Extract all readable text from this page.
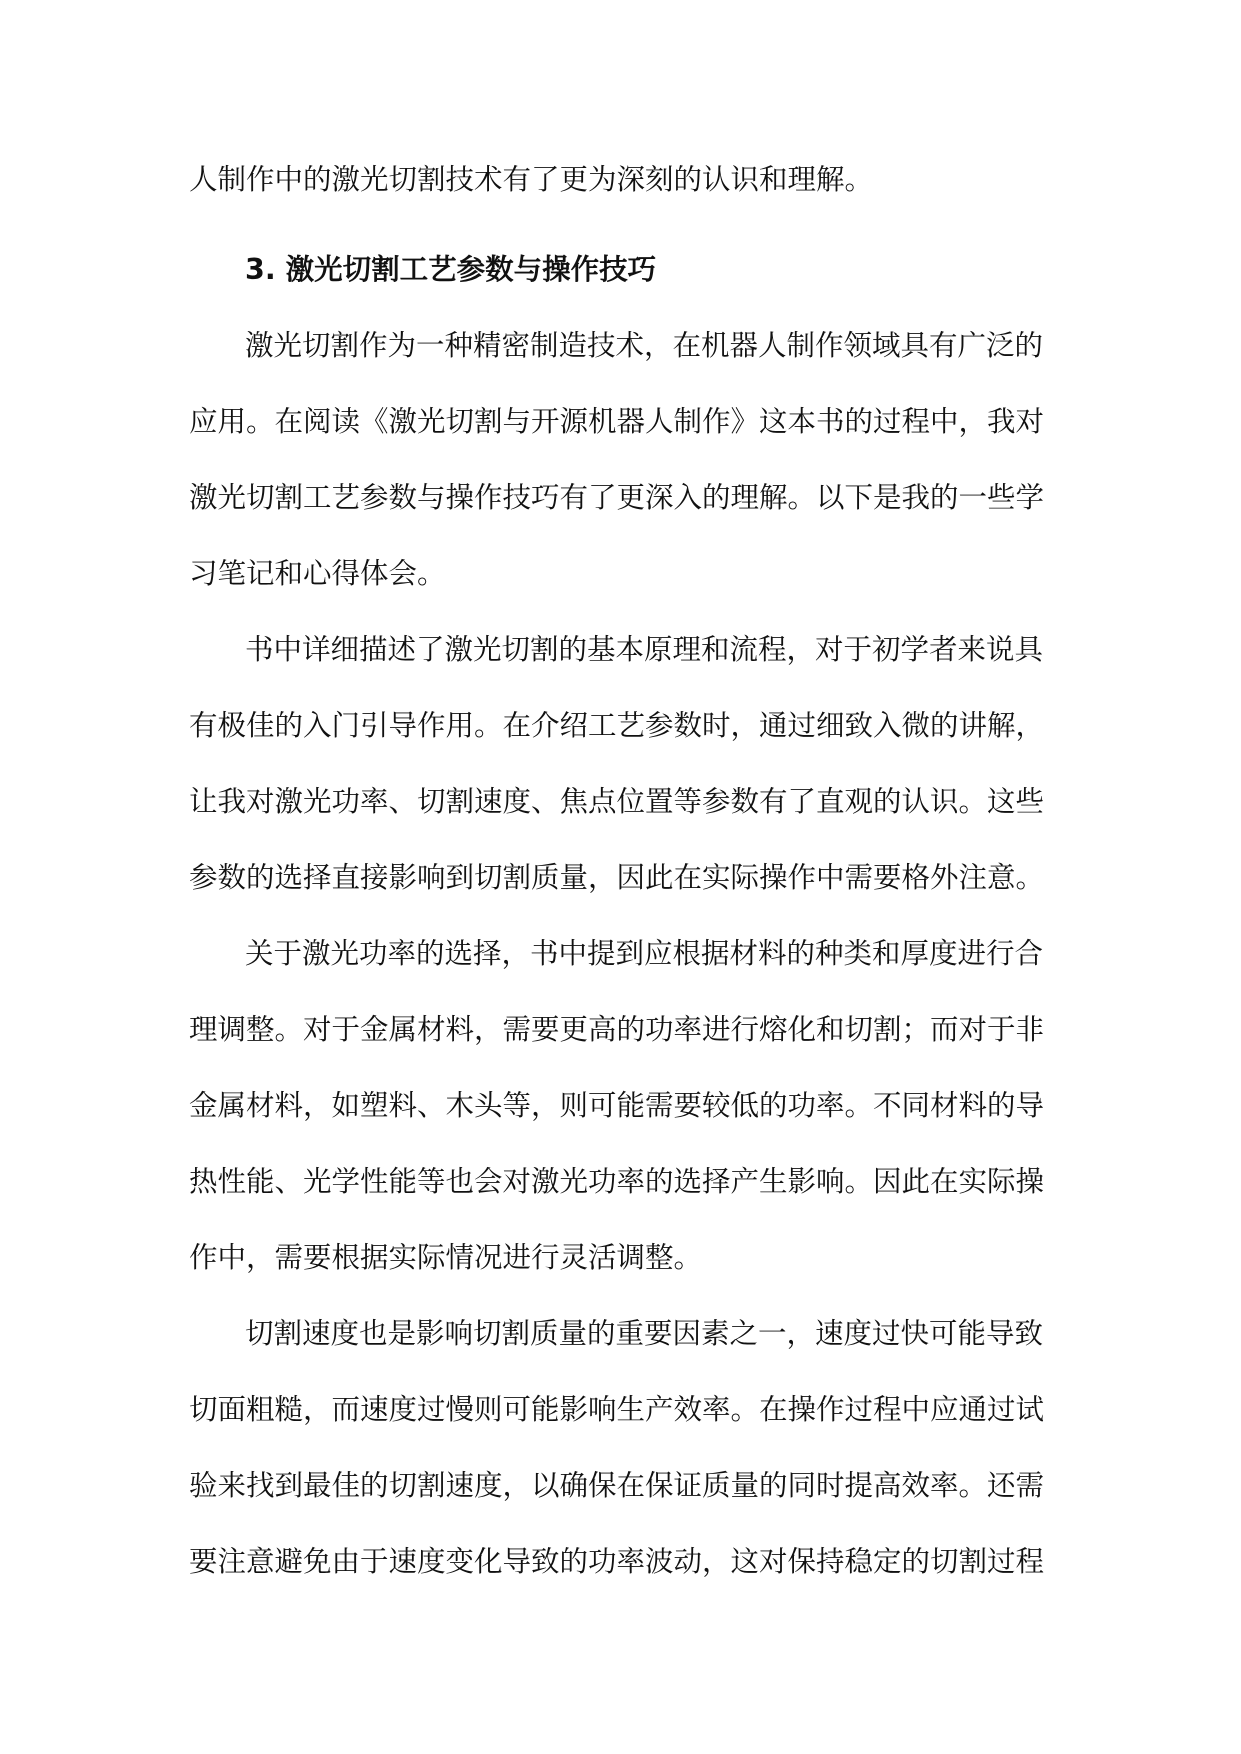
人制作中的激光切割技术有了更为深刻的认识和理解。
3. 激光切割工艺参数与操作技巧
激光切割作为一种精密制造技术，在机器人制作领域具有广泛的
应用。在阅读《激光切割与开源机器人制作》这本书的过程中，我对
激光切割工艺参数与操作技巧有了更深入的理解。以下是我的一些学
习笔记和心得体会。
书中详细描述了激光切割的基本原理和流程，对于初学者来说具
有极佳的入门引导作用。在介绍工艺参数时，通过细致入微的讲解，
让我对激光功率、切割速度、焦点位置等参数有了直观的认识。这些
参数的选择直接影响到切割质量，因此在实际操作中需要格外注意。
关于激光功率的选择，书中提到应根据材料的种类和厚度进行合
理调整。对于金属材料，需要更高的功率进行熔化和切割；而对于非
金属材料，如塑料、木头等，则可能需要较低的功率。不同材料的导
热性能、光学性能等也会对激光功率的选择产生影响。因此在实际操
作中，需要根据实际情况进行灵活调整。
切割速度也是影响切割质量的重要因素之一，速度过快可能导致
切面粗糙，而速度过慢则可能影响生产效率。在操作过程中应通过试
验来找到最佳的切割速度，以确保在保证质量的同时提高效率。还需
要注意避免由于速度变化导致的功率波动，这对保持稳定的切割过程
